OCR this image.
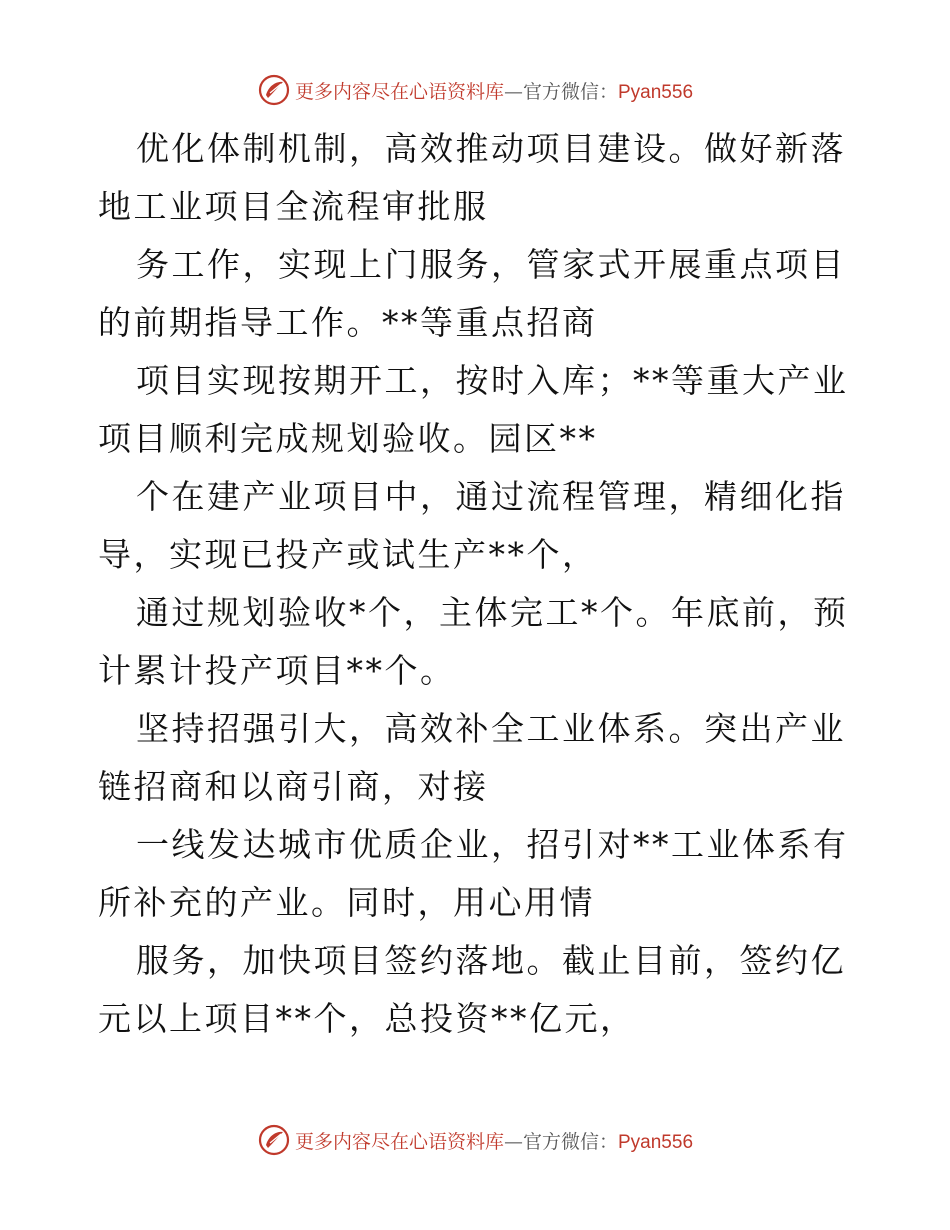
更多内容尽在心语资料库—官方微信：Pyan556

优化体制机制，高效推动项目建设。做好新落地工业项目全流程审批服

务工作，实现上门服务，管家式开展重点项目的前期指导工作。**等重点招商

项目实现按期开工，按时入库；**等重大产业项目顺利完成规划验收。园区**

个在建产业项目中，通过流程管理，精细化指导，实现已投产或试生产**个，

通过规划验收*个，主体完工*个。年底前，预计累计投产项目**个。

坚持招强引大，高效补全工业体系。突出产业链招商和以商引商，对接

一线发达城市优质企业，招引对**工业体系有所补充的产业。同时，用心用情

服务，加快项目签约落地。截止目前，签约亿元以上项目**个，总投资**亿元，

更多内容尽在心语资料库—官方微信：Pyan556
